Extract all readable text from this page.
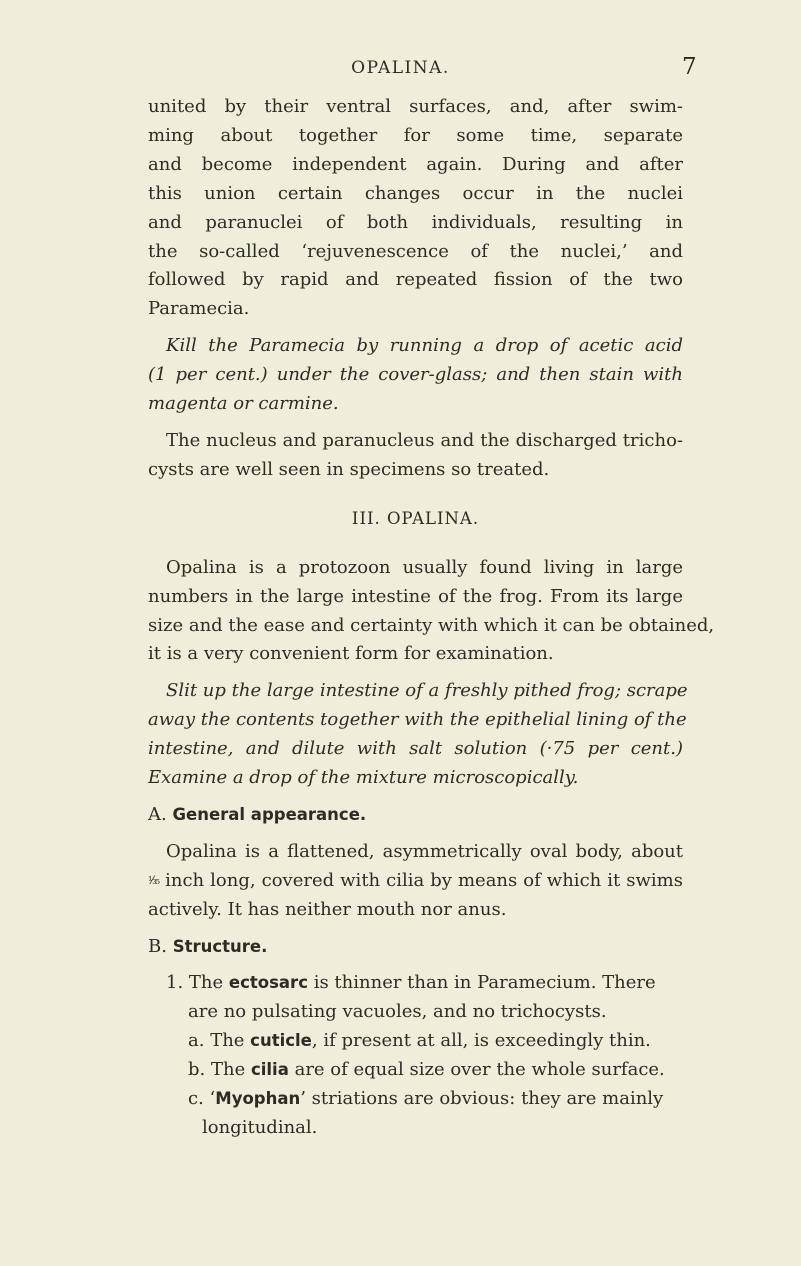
OPALINA.	7
united by their ventral surfaces, and, after swim-
ming about together for some time, separate
and become independent again. During and after
this union certain changes occur in the nuclei
and paranuclei of both individuals, resulting in
the so-called ‘rejuvenescence of the nuclei,’ and
followed by rapid and repeated fission of the two
Paramecia.
Kill the Paramecia by running a drop of acetic acid
(1 per cent.) under the cover-glass; and then stain with
magenta or carmine.
The nucleus and paranucleus and the discharged tricho-
cysts are well seen in specimens so treated.
III. OPALINA.
Opalina is a protozoon usually found living in large
numbers in the large intestine of the frog. From its large
size and the ease and certainty with which it can be obtained,
it is a very convenient form for examination.
Slit up the large intestine of a freshly pithed frog; scrape
away the contents together with the epithelial lining of the
intestine, and dilute with salt solution (·75 per cent.)
Examine a drop of the mixture microscopically.
A. General appearance.
Opalina is a flattened, asymmetrically oval body, about
¹⁄₃₅ inch long, covered with cilia by means of which it swims
actively. It has neither mouth nor anus.
B. Structure.
1. The ectosarc is thinner than in Paramecium. There
are no pulsating vacuoles, and no trichocysts.
a. The cuticle, if present at all, is exceedingly thin.
b. The cilia are of equal size over the whole surface.
c. ‘Myophan’ striations are obvious: they are mainly
longitudinal.
